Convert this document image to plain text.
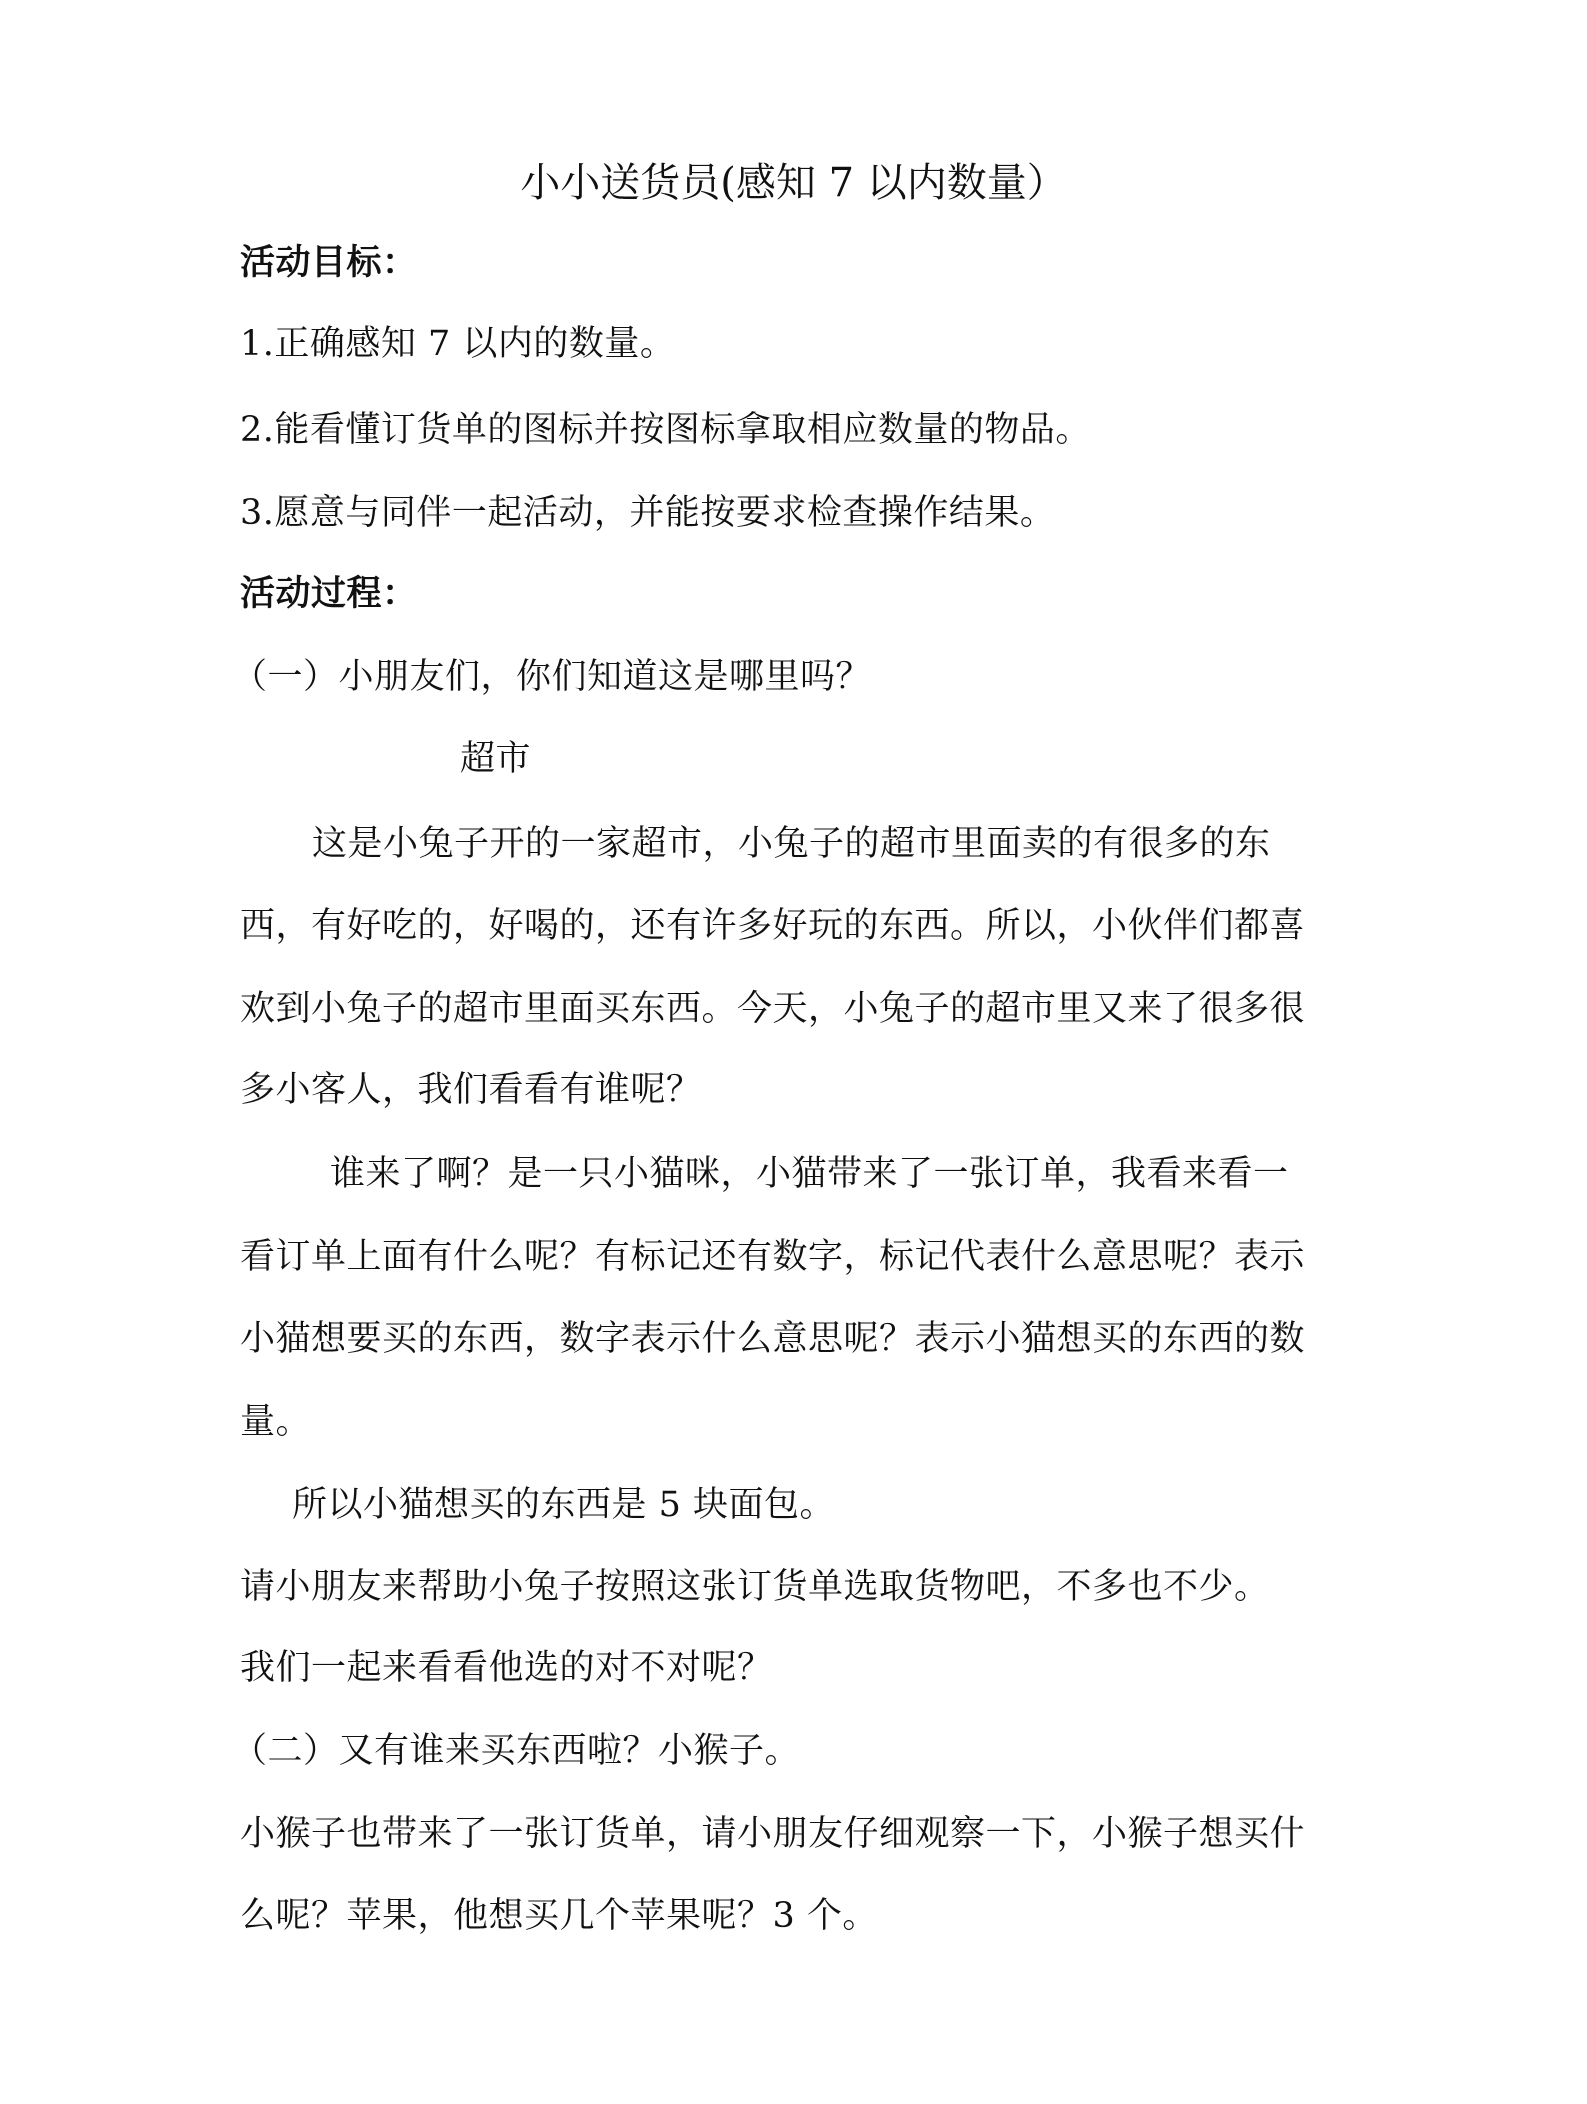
小小送货员(感知 7 以内数量）
活动目标：
1.正确感知 7 以内的数量。
2.能看懂订货单的图标并按图标拿取相应数量的物品。
3.愿意与同伴一起活动，并能按要求检查操作结果。
活动过程：
（一）小朋友们，你们知道这是哪里吗？
超市
这是小兔子开的一家超市，小兔子的超市里面卖的有很多的东
西，有好吃的，好喝的，还有许多好玩的东西。所以，小伙伴们都喜
欢到小兔子的超市里面买东西。今天，小兔子的超市里又来了很多很
多小客人，我们看看有谁呢？
谁来了啊？是一只小猫咪，小猫带来了一张订单，我看来看一
看订单上面有什么呢？有标记还有数字，标记代表什么意思呢？表示
小猫想要买的东西，数字表示什么意思呢？表示小猫想买的东西的数
量。
所以小猫想买的东西是 5 块面包。
请小朋友来帮助小兔子按照这张订货单选取货物吧，不多也不少。
我们一起来看看他选的对不对呢？
（二）又有谁来买东西啦？小猴子。
小猴子也带来了一张订货单，请小朋友仔细观察一下，小猴子想买什
么呢？苹果，他想买几个苹果呢？3 个。
